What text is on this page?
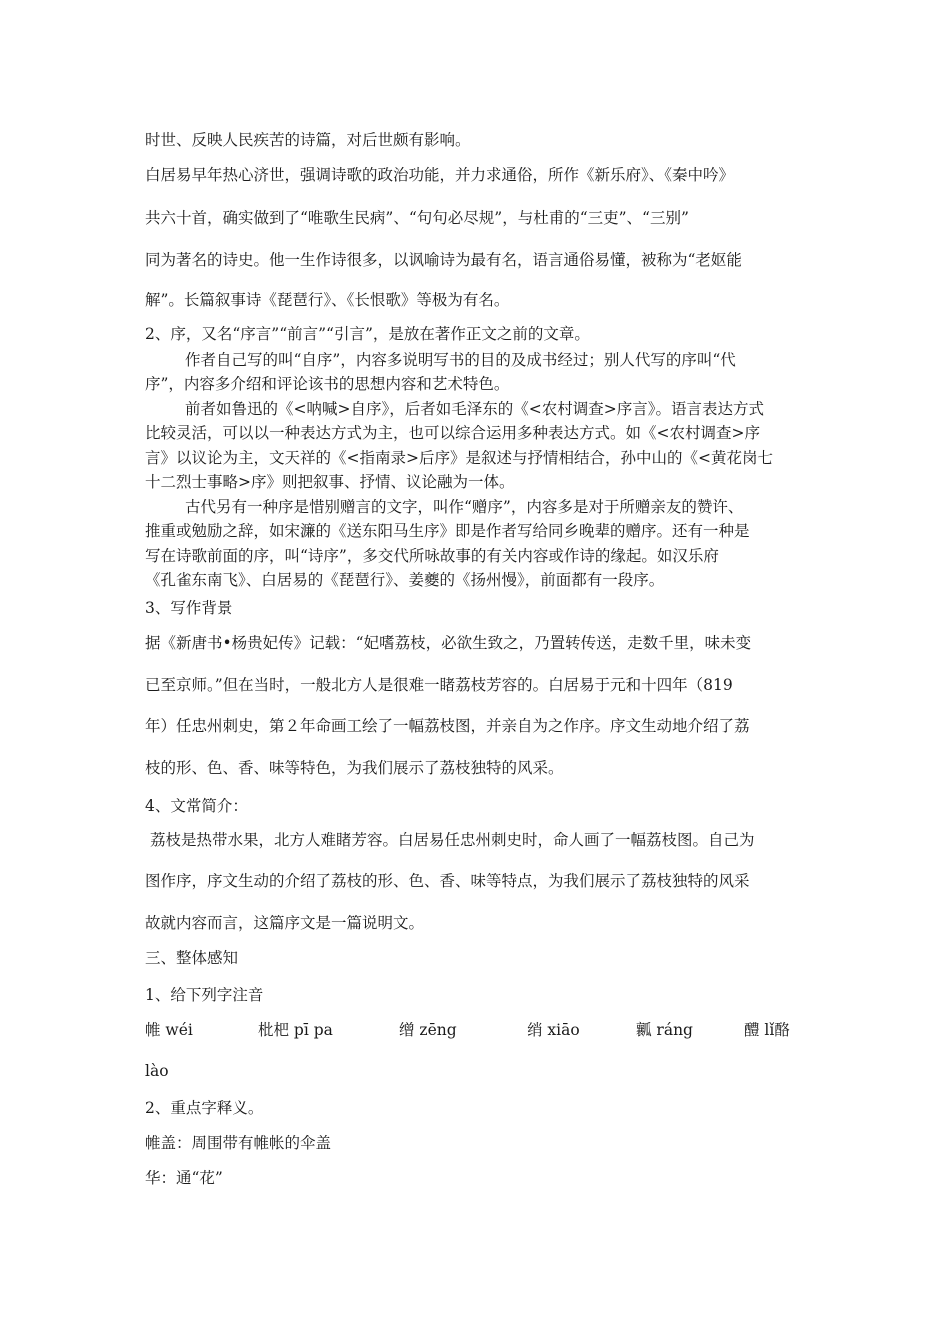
时世、反映人民疾苦的诗篇，对后世颇有影响。
白居易早年热心济世，强调诗歌的政治功能，并力求通俗，所作《新乐府》、《秦中吟》
共六十首，确实做到了“唯歌生民病”、“句句必尽规”，与杜甫的“三吏”、“三别”
同为著名的诗史。他一生作诗很多，以讽喻诗为最有名，语言通俗易懂，被称为“老妪能
解”。长篇叙事诗《琵琶行》、《长恨歌》等极为有名。
2、序，又名“序言”“前言”“引言”，是放在著作正文之前的文章。
作者自己写的叫“自序”，内容多说明写书的目的及成书经过；别人代写的序叫“代
序”，内容多介绍和评论该书的思想内容和艺术特色。
前者如鲁迅的《<呐喊>自序》，后者如毛泽东的《<农村调查>序言》。语言表达方式
比较灵活，可以以一种表达方式为主，也可以综合运用多种表达方式。如《<农村调查>序
言》以议论为主，文天祥的《<指南录>后序》是叙述与抒情相结合，孙中山的《<黄花岗七
十二烈士事略>序》则把叙事、抒情、议论融为一体。
古代另有一种序是惜别赠言的文字，叫作“赠序”，内容多是对于所赠亲友的赞许、
推重或勉励之辞，如宋濂的《送东阳马生序》即是作者写给同乡晚辈的赠序。还有一种是
写在诗歌前面的序，叫“诗序”，多交代所咏故事的有关内容或作诗的缘起。如汉乐府
《孔雀东南飞》、白居易的《琵琶行》、姜夔的《扬州慢》，前面都有一段序。
3、写作背景
据《新唐书•杨贵妃传》记载：“妃嗜荔枝，必欲生致之，乃置转传送，走数千里，味未变
已至京师。”但在当时，一般北方人是很难一睹荔枝芳容的。白居易于元和十四年（819
年）任忠州刺史，第２年命画工绘了一幅荔枝图，并亲自为之作序。序文生动地介绍了荔
枝的形、色、香、味等特色，为我们展示了荔枝独特的风采。
4、文常简介：
荔枝是热带水果，北方人难睹芳容。白居易任忠州刺史时，命人画了一幅荔枝图。自己为
图作序，序文生动的介绍了荔枝的形、色、香、味等特点，为我们展示了荔枝独特的风采
故就内容而言，这篇序文是一篇说明文。
三、整体感知
1、给下列字注音
帷 wéi	枇杷 pī pa	缯 zēng	绡 xiāo	瓤 ráng	醴 lǐ酪
lào
2、重点字释义。
帷盖：周围带有帷帐的伞盖
华：通“花”
